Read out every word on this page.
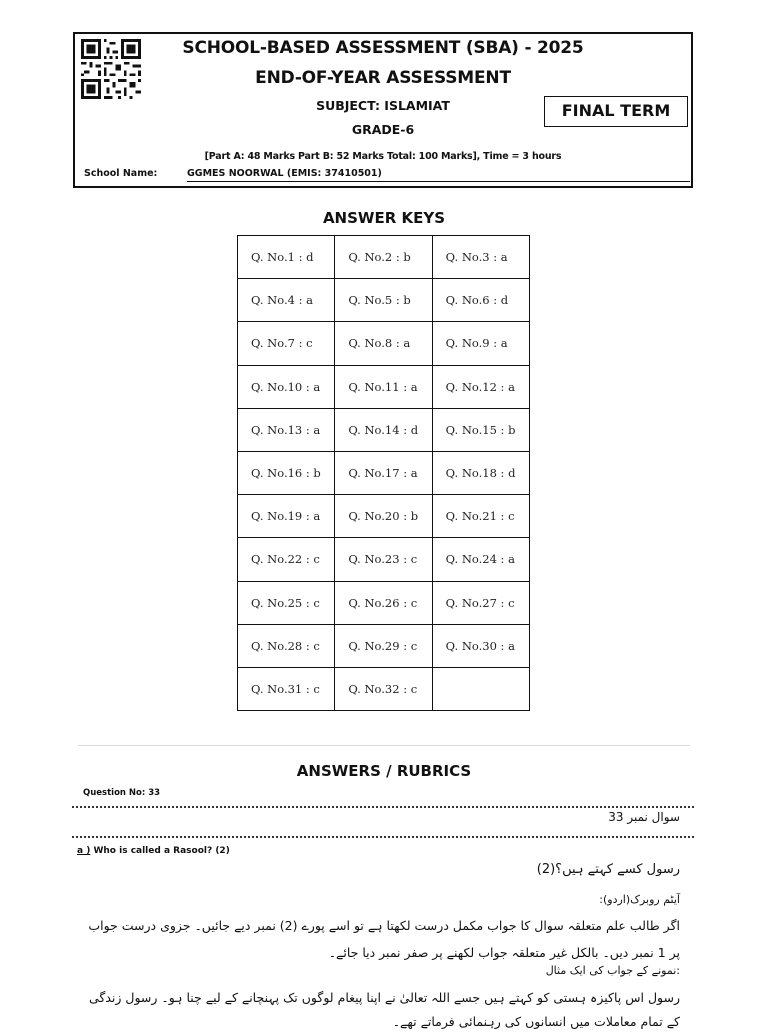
SCHOOL-BASED ASSESSMENT (SBA) - 2025
END-OF-YEAR ASSESSMENT
SUBJECT: ISLAMIAT
GRADE-6
FINAL TERM
[Part A: 48 Marks Part B: 52 Marks Total: 100 Marks], Time = 3 hours
School Name:	GGMES NOORWAL (EMIS: 37410501)
ANSWER KEYS
Q. No.1 : d	Q. No.2 : b	Q. No.3 : a
Q. No.4 : a	Q. No.5 : b	Q. No.6 : d
Q. No.7 : c	Q. No.8 : a	Q. No.9 : a
Q. No.10 : a	Q. No.11 : a	Q. No.12 : a
Q. No.13 : a	Q. No.14 : d	Q. No.15 : b
Q. No.16 : b	Q. No.17 : a	Q. No.18 : d
Q. No.19 : a	Q. No.20 : b	Q. No.21 : c
Q. No.22 : c	Q. No.23 : c	Q. No.24 : a
Q. No.25 : c	Q. No.26 : c	Q. No.27 : c
Q. No.28 : c	Q. No.29 : c	Q. No.30 : a
Q. No.31 : c	Q. No.32 : c	
ANSWERS / RUBRICS
Question No: 33
سوال نمبر 33
a ) Who is called a Rasool? (2)
رسول کسے کہتے ہیں؟(2)
آیٹم روبرک(اردو):
اگر طالب علم متعلقہ سوال کا جواب مکمل درست لکھتا ہے تو اسے پورے (2) نمبر دیے جائیں۔ جزوی درست جواب پر 1 نمبر دیں۔ بالکل غیر متعلقہ جواب لکھنے پر صفر نمبر دیا جائے۔
:نمونے کے جواب کی ایک مثال
رسول اس پاکیزہ ہستی کو کہتے ہیں جسے اللہ تعالیٰ نے اپنا پیغام لوگوں تک پہنچانے کے لیے چنا ہو۔ رسول زندگی کے تمام معاملات میں انسانوں کی رہنمائی فرماتے تھے۔
